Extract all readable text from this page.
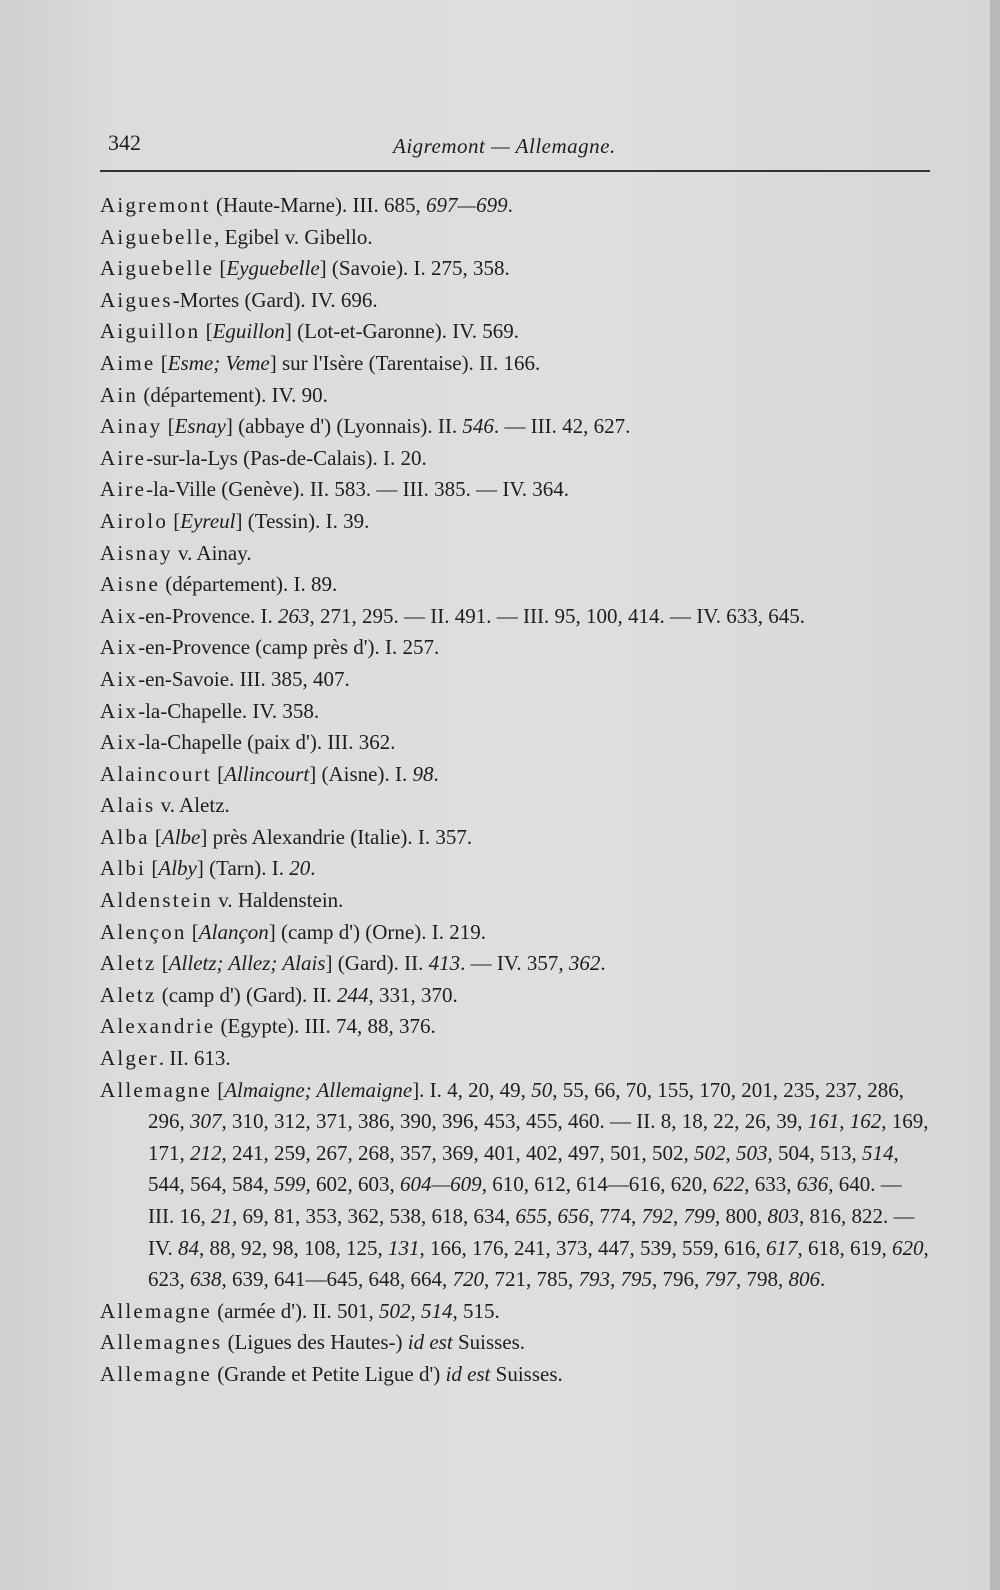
342	Aigremont — Allemagne.

Aigremont (Haute-Marne). III. 685, 697—699.

Aiguebelle, Egibel v. Gibello.

Aiguebelle [Eyguebelle] (Savoie). I. 275, 358.

Aigues-Mortes (Gard). IV. 696.

Aiguillon [Eguillon] (Lot-et-Garonne). IV. 569.

Aime [Esme; Veme] sur l'Isère (Tarentaise). II. 166.

Ain (département). IV. 90.

Ainay [Esnay] (abbaye d') (Lyonnais). II. 546. — III. 42, 627.

Aire-sur-la-Lys (Pas-de-Calais). I. 20.

Aire-la-Ville (Genève). II. 583. — III. 385. — IV. 364.

Airolo [Eyreul] (Tessin). I. 39.

Aisnay v. Ainay.

Aisne (département). I. 89.

Aix-en-Provence. I. 263, 271, 295. — II. 491. — III. 95, 100, 414. — IV. 633, 645.

Aix-en-Provence (camp près d'). I. 257.

Aix-en-Savoie. III. 385, 407.

Aix-la-Chapelle. IV. 358.

Aix-la-Chapelle (paix d'). III. 362.

Alaincourt [Allincourt] (Aisne). I. 98.

Alais v. Aletz.

Alba [Albe] près Alexandrie (Italie). I. 357.

Albi [Alby] (Tarn). I. 20.

Aldenstein v. Haldenstein.

Alençon [Alançon] (camp d') (Orne). I. 219.

Aletz [Alletz; Allez; Alais] (Gard). II. 413. — IV. 357, 362.

Aletz (camp d') (Gard). II. 244, 331, 370.

Alexandrie (Egypte). III. 74, 88, 376.

Alger. II. 613.

Allemagne [Almaigne; Allemaigne]. I. 4, 20, 49, 50, 55, 66, 70, 155, 170, 201, 235, 237, 286, 296, 307, 310, 312, 371, 386, 390, 396, 453, 455, 460. — II. 8, 18, 22, 26, 39, 161, 162, 169, 171, 212, 241, 259, 267, 268, 357, 369, 401, 402, 497, 501, 502, 502, 503, 504, 513, 514, 544, 564, 584, 599, 602, 603, 604—609, 610, 612, 614—616, 620, 622, 633, 636, 640. — III. 16, 21, 69, 81, 353, 362, 538, 618, 634, 655, 656, 774, 792, 799, 800, 803, 816, 822. — IV. 84, 88, 92, 98, 108, 125, 131, 166, 176, 241, 373, 447, 539, 559, 616, 617, 618, 619, 620, 623, 638, 639, 641—645, 648, 664, 720, 721, 785, 793, 795, 796, 797, 798, 806.

Allemagne (armée d'). II. 501, 502, 514, 515.

Allemagnes (Ligues des Hautes-) id est Suisses.

Allemagne (Grande et Petite Ligue d') id est Suisses.
